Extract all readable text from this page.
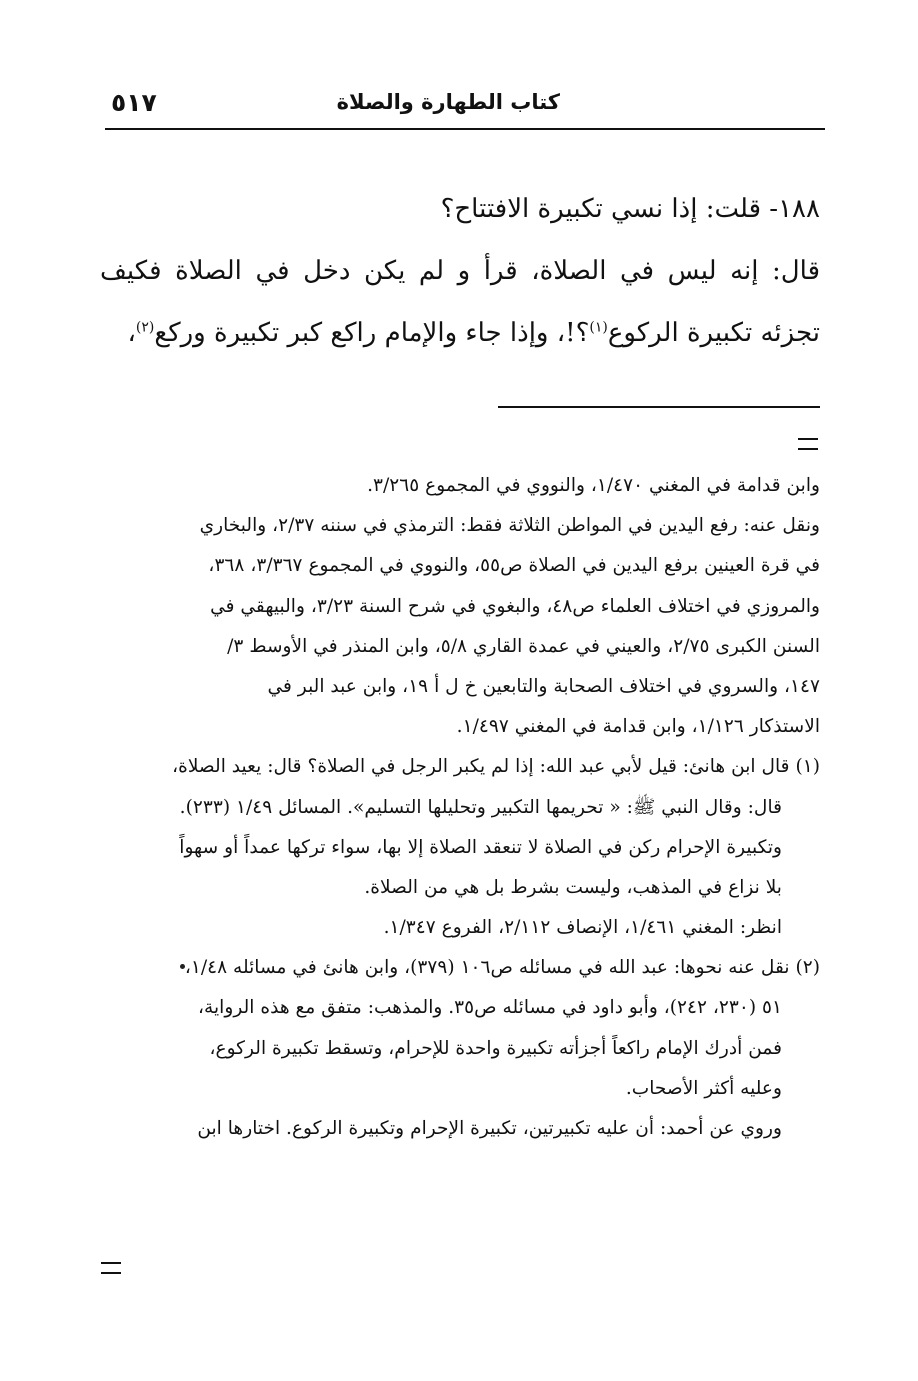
كتاب الطهارة والصلاة
٥١٧

١٨٨- قلت: إذا نسي تكبيرة الافتتاح؟

قال: إنه ليس في الصلاة، قرأ و لم يكن دخل في الصلاة فكيف تجزئه تكبيرة الركوع$^{(١)}$؟!، وإذا جاء والإمام راكع كبر تكبيرة وركع$^{(٢)}$،

وابن قدامة في المغني ١/٤٧٠، والنووي في المجموع ٣/٢٦٥.
ونقل عنه: رفع اليدين في المواطن الثلاثة فقط: الترمذي في سننه ٢/٣٧، والبخاري
في قرة العينين برفع اليدين في الصلاة ص٥٥، والنووي في المجموع ٣/٣٦٧، ٣٦٨،
والمروزي في اختلاف العلماء ص٤٨، والبغوي في شرح السنة ٣/٢٣، والبيهقي في
السنن الكبرى ٢/٧٥، والعيني في عمدة القاري ٥/٨، وابن المنذر في الأوسط ٣/
١٤٧، والسروي في اختلاف الصحابة والتابعين خ ل أ ١٩، وابن عبد البر في
الاستذكار ١/١٢٦، وابن قدامة في المغني ١/٤٩٧.
(١) قال ابن هانئ: قيل لأبي عبد الله: إذا لم يكبر الرجل في الصلاة؟ قال: يعيد الصلاة،
قال: وقال النبي ﷺ: « تحريمها التكبير وتحليلها التسليم». المسائل ١/٤٩ (٢٣٣).
وتكبيرة الإحرام ركن في الصلاة لا تنعقد الصلاة إلا بها، سواء تركها عمداً أو سهواً
بلا نزاع في المذهب، وليست بشرط بل هي من الصلاة.
انظر: المغني ١/٤٦١، الإنصاف ٢/١١٢، الفروع ١/٣٤٧.
(٢) نقل عنه نحوها: عبد الله في مسائله ص١٠٦ (٣٧٩)، وابن هانئ في مسائله ١/٤٨،
٥١ (٢٣٠، ٢٤٢)، وأبو داود في مسائله ص٣٥. والمذهب: متفق مع هذه الرواية،
فمن أدرك الإمام راكعاً أجزأته تكبيرة واحدة للإحرام، وتسقط تكبيرة الركوع،
وعليه أكثر الأصحاب.
وروي عن أحمد: أن عليه تكبيرتين، تكبيرة الإحرام وتكبيرة الركوع. اختارها ابن
